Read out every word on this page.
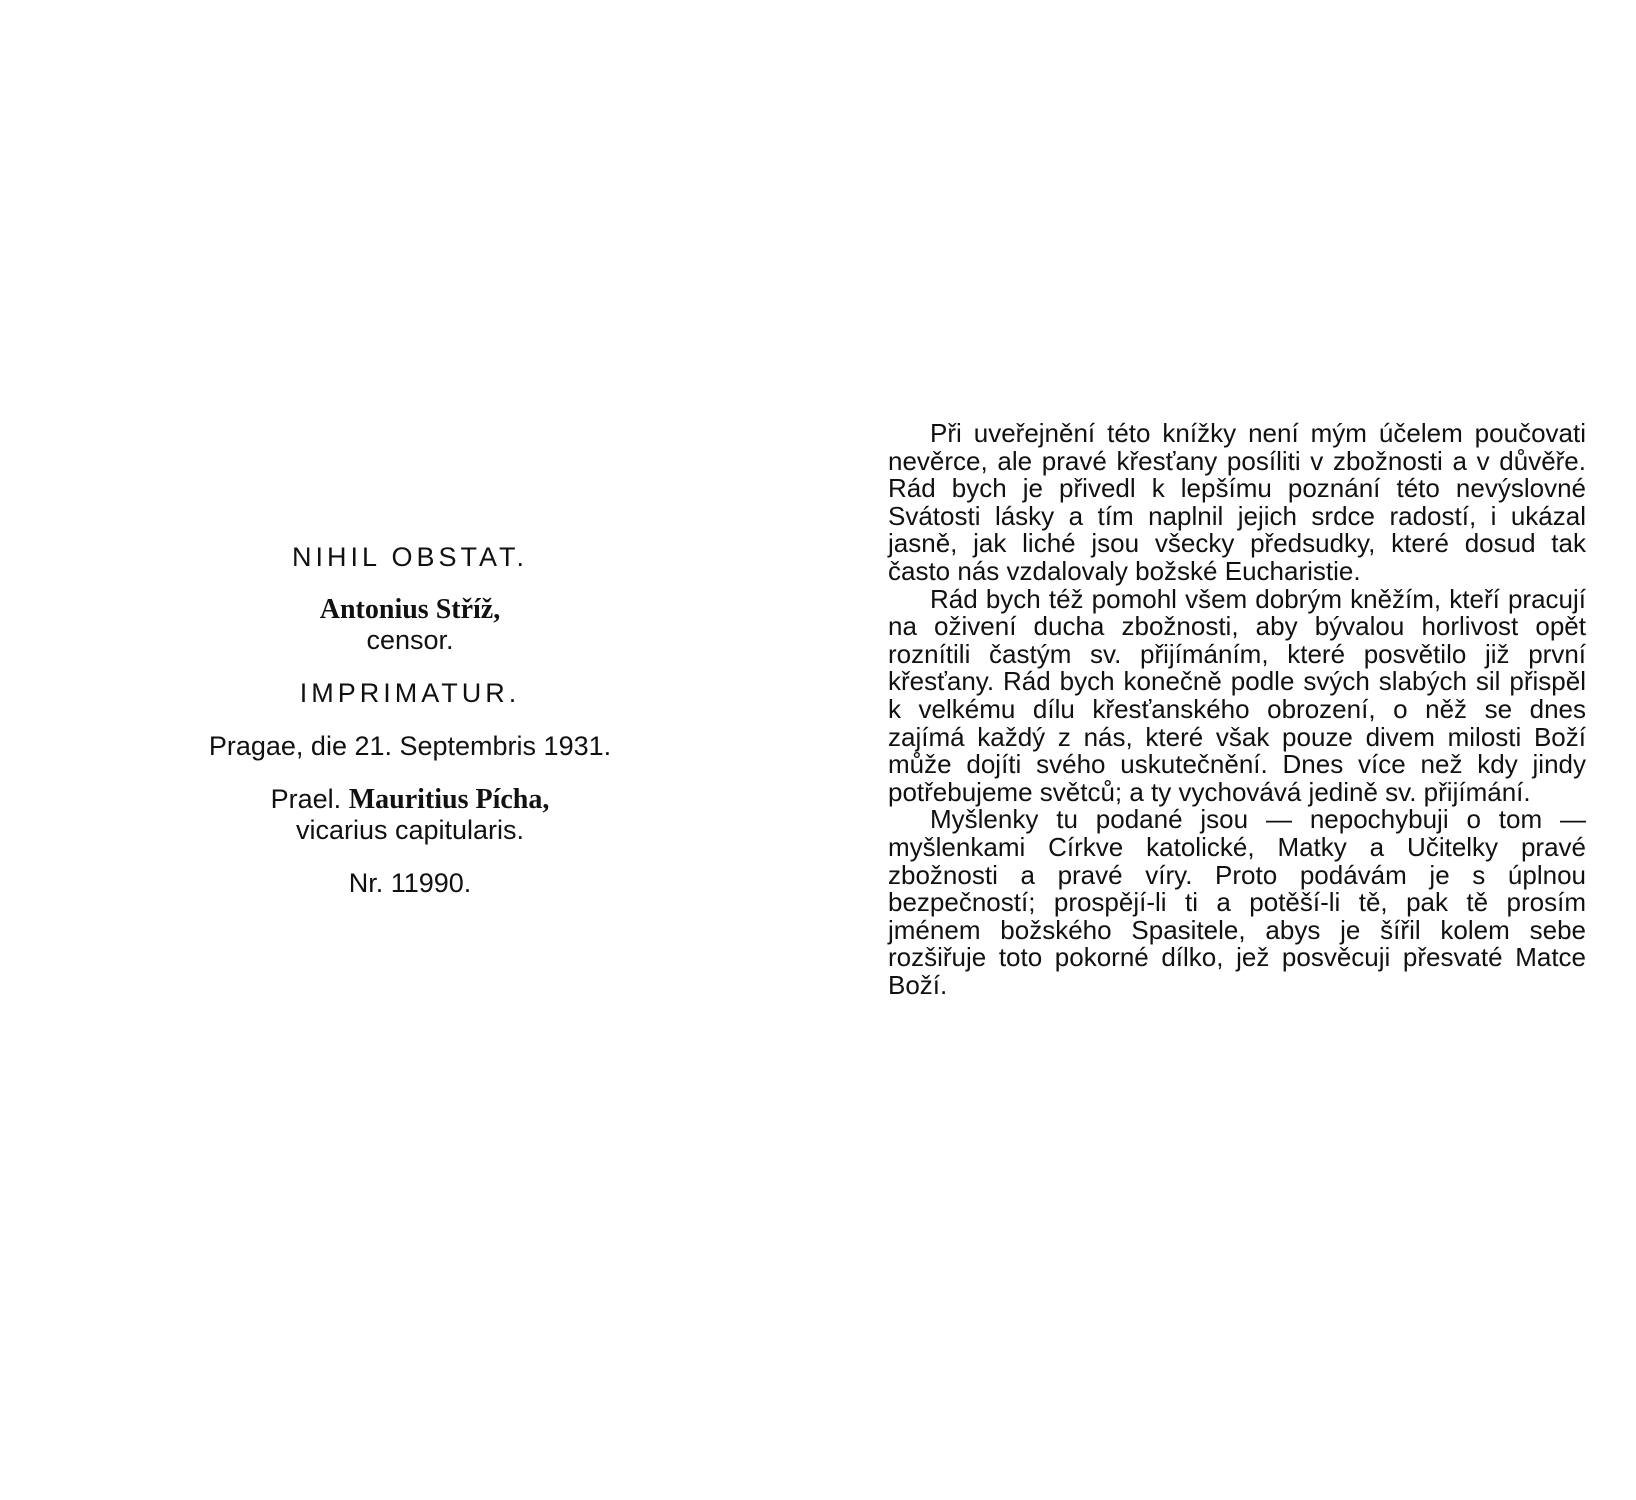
NIHIL OBSTAT.
Antonius Stříž,
censor.
IMPRIMATUR.
Pragae, die 21. Septembris 1931.
Prael. Mauritius Pícha,
vicarius capitularis.
Nr. 11990.

Při uveřejnění této knížky není mým účelem poučovati nevěrce, ale pravé křesťany posíliti v zbožnosti a v důvěře. Rád bych je přivedl k lepšímu poznání této nevýslovné Svátosti lásky a tím naplnil jejich srdce radostí, i ukázal jasně, jak liché jsou všecky předsudky, které dosud tak často nás vzdalovaly božské Eucharistie.

Rád bych též pomohl všem dobrým kněžím, kteří pracují na oživení ducha zbožnosti, aby bývalou horlivost opět roznítili častým sv. přijímáním, které posvětilo již první křesťany. Rád bych konečně podle svých slabých sil přispěl k velkému dílu křesťanského obrození, o něž se dnes zajímá každý z nás, které však pouze divem milosti Boží může dojíti svého uskutečnění. Dnes více než kdy jindy potřebujeme světců; a ty vychovává jedině sv. přijímání.

Myšlenky tu podané jsou — nepochybuji o tom — myšlenkami Církve katolické, Matky a Učitelky pravé zbožnosti a pravé víry. Proto podávám je s úplnou bezpečností; prospějí-li ti a potěší-li tě, pak tě prosím jménem božského Spasitele, abys je šířil kolem sebe rozšiřuje toto pokorné dílko, jež posvěcuji přesvaté Matce Boží.
